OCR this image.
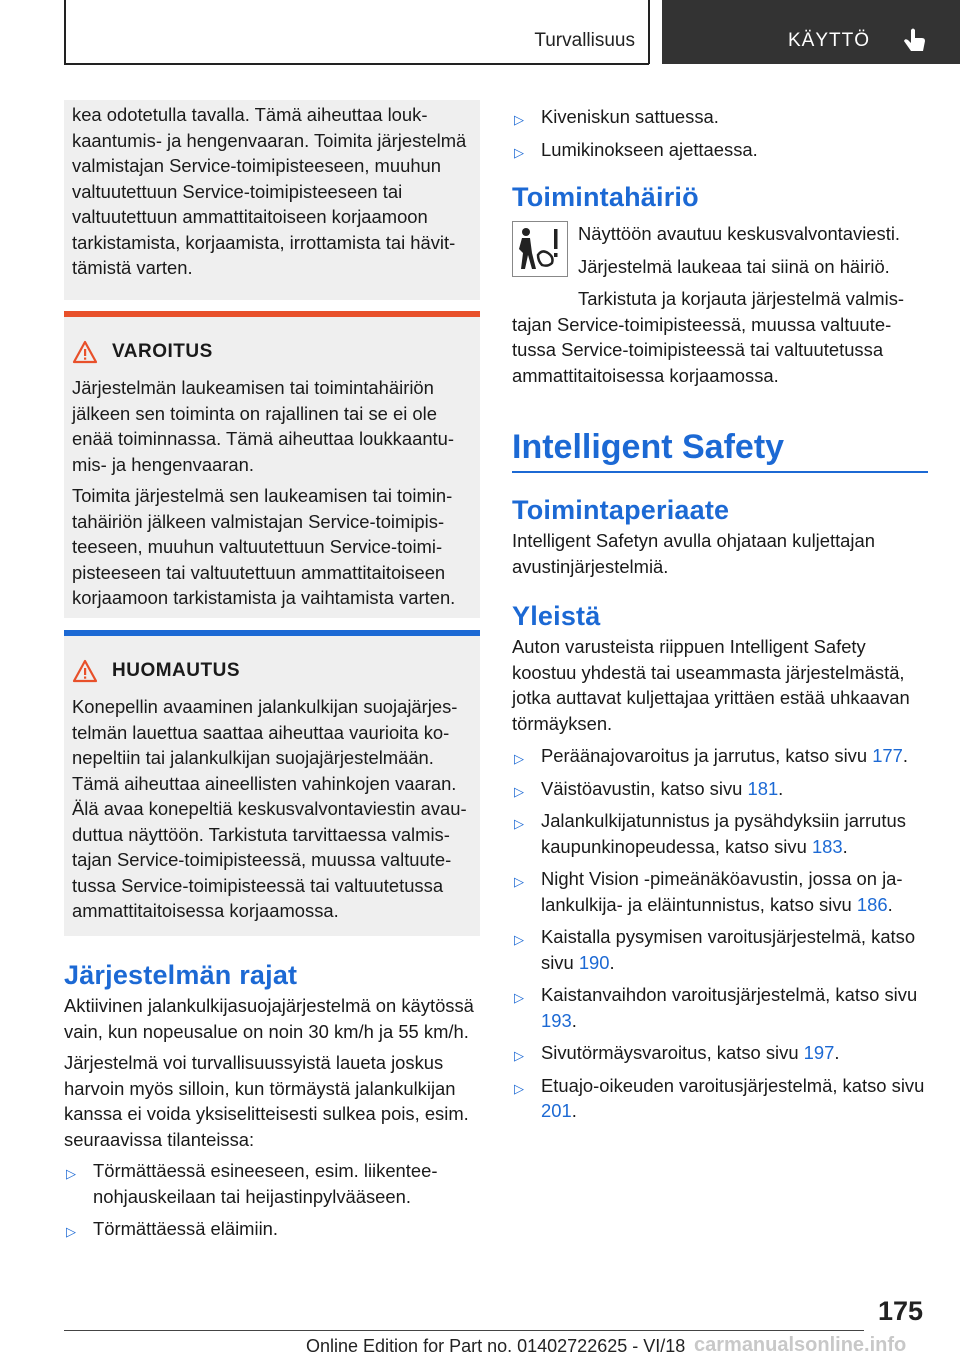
Turvallisuus	KÄYTTÖ

kea odotetulla tavalla. Tämä aiheuttaa loukkaantumis- ja hengenvaaran. Toimita järjestelmä valmistajan Service-toimipisteeseen, muuhun valtuutettuun Service-toimipisteeseen tai valtuutettuun ammattitaitoiseen korjaamoon tarkistamista, korjaamista, irrottamista tai hävittämistä varten.

VAROITUS

Järjestelmän laukeamisen tai toimintahäiriön jälkeen sen toiminta on rajallinen tai se ei ole enää toiminnassa. Tämä aiheuttaa loukkaantumis- ja hengenvaaran.

Toimita järjestelmä sen laukeamisen tai toimintahäiriön jälkeen valmistajan Service-toimipisteeseen, muuhun valtuutettuun Service-toimipisteeseen tai valtuutettuun ammattitaitoiseen korjaamoon tarkistamista ja vaihtamista varten.

HUOMAUTUS

Konepellin avaaminen jalankulkijan suojajärjestelmän lauettua saattaa aiheuttaa vaurioita konepeltiin tai jalankulkijan suojajärjestelmään. Tämä aiheuttaa aineellisten vahinkojen vaaran. Älä avaa konepeltiä keskusvalvontaviestin avauduttua näyttöön. Tarkistuta tarvittaessa valmistajan Service-toimipisteessä, muussa valtuutetussa Service-toimipisteessä tai valtuutetussa ammattitaitoisessa korjaamossa.

Järjestelmän rajat

Aktiivinen jalankulkijasuojajärjestelmä on käytössä vain, kun nopeusalue on noin 30 km/h ja 55 km/h.

Järjestelmä voi turvallisuussyistä laueta joskus harvoin myös silloin, kun törmäystä jalankulkijan kanssa ei voida yksiselitteisesti sulkea pois, esim. seuraavissa tilanteissa:

▷ Törmättäessä esineeseen, esim. liikenteenohjauskeilaan tai heijastinpylvääseen.
▷ Törmättäessä eläimiin.
▷ Kiveniskun sattuessa.
▷ Lumikinokseen ajettaessa.
Toimintahäiriö

Näyttöön avautuu keskusvalvontaviesti.

Järjestelmä laukeaa tai siinä on häiriö.

Tarkistuta ja korjauta järjestelmä valmistajan Service-toimipisteessä, muussa valtuutetussa Service-toimipisteessä tai valtuutetussa ammattitaitoisessa korjaamossa.

Intelligent Safety
Toimintaperiaate

Intelligent Safetyn avulla ohjataan kuljettajan avustinjärjestelmiä.

Yleistä

Auton varusteista riippuen Intelligent Safety koostuu yhdestä tai useammasta järjestelmästä, jotka auttavat kuljettajaa yrittäen estää uhkaavan törmäyksen.

▷ Peräänajovaroitus ja jarrutus, katso sivu 177.
▷ Väistöavustin, katso sivu 181.
▷ Jalankulkijatunnistus ja pysähdyksiin jarrutus kaupunkinopeudessa, katso sivu 183.
▷ Night Vision -pimeänäköavustin, jossa on jalankulkija- ja eläintunnistus, katso sivu 186.
▷ Kaistalla pysymisen varoitusjärjestelmä, katso sivu 190.
▷ Kaistanvaihdon varoitusjärjestelmä, katso sivu 193.
▷ Sivutörmäysvaroitus, katso sivu 197.
▷ Etuajo-oikeuden varoitusjärjestelmä, katso sivu 201.
175
Online Edition for Part no. 01402722625 - VI/18 carmanualsonline.info
